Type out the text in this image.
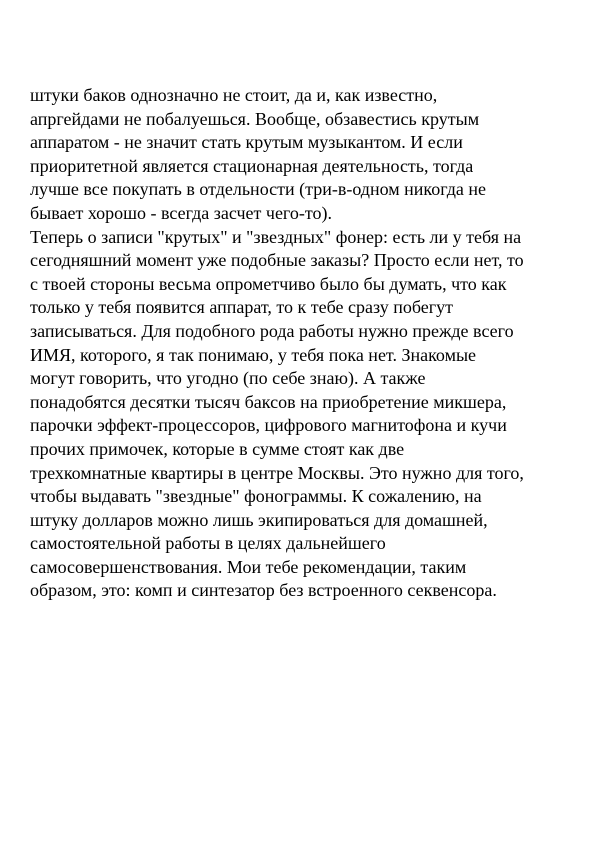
штуки баков однозначно не стоит, да и, как известно,
апргейдами не побалуешься. Вообще, обзавестись крутым
аппаратом - не значит стать крутым музыкантом. И если
приоритетной является стационарная деятельность, тогда
лучше все покупать в отдельности (три-в-одном никогда не
бывает хорошо - всегда засчет чего-то).
Теперь о записи "крутых" и "звездных" фонер: есть ли у тебя на
сегодняшний момент уже подобные заказы? Просто если нет, то
с твоей стороны весьма опрометчиво было бы думать, что как
только у тебя появится аппарат, то к тебе сразу побегут
записываться. Для подобного рода работы нужно прежде всего
ИМЯ, которого, я так понимаю, у тебя пока нет. Знакомые
могут говорить, что угодно (по себе знаю). А также
понадобятся десятки тысяч баксов на приобретение микшера,
парочки эффект-процессоров, цифрового магнитофона и кучи
прочих примочек, которые в сумме стоят как две
трехкомнатные квартиры в центре Москвы. Это нужно для того,
чтобы выдавать "звездные" фонограммы. К сожалению, на
штуку долларов можно лишь экипироваться для домашней,
самостоятельной работы в целях дальнейшего
самосовершенствования. Мои тебе рекомендации, таким
образом, это: комп и синтезатор без встроенного секвенсора.
